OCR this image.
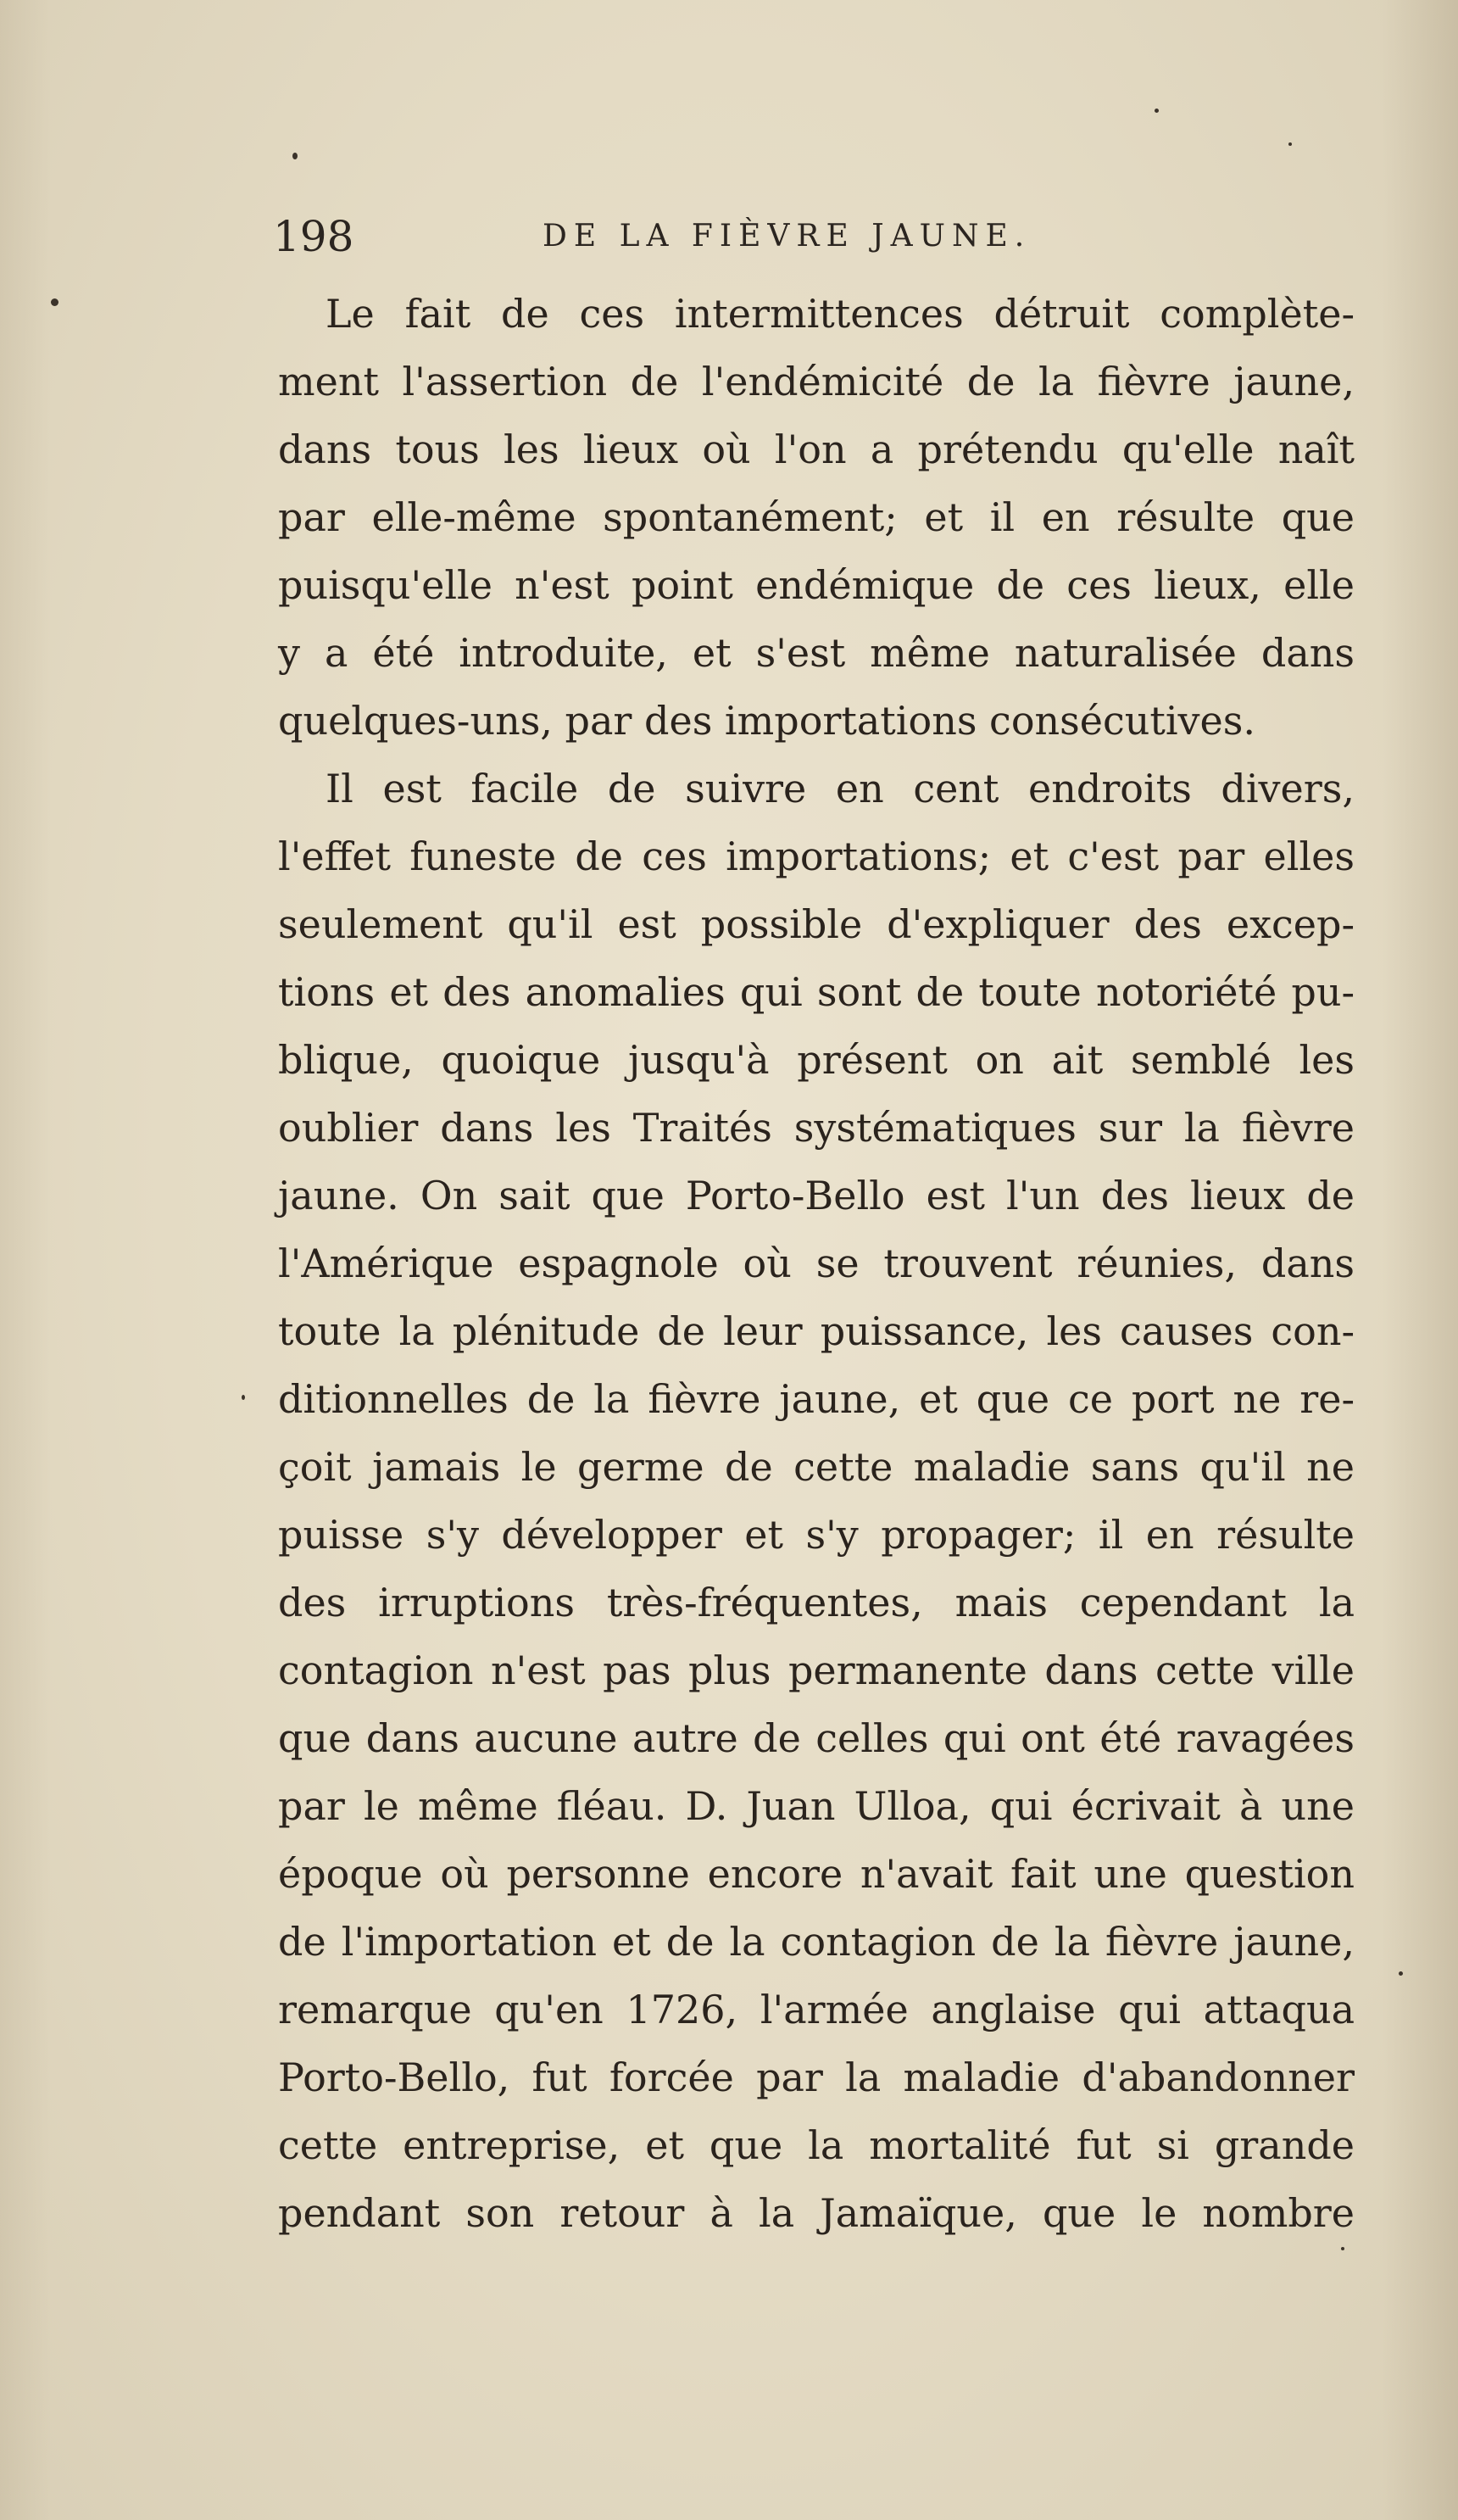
198	DE LA FIÈVRE JAUNE.
Le fait de ces intermittences détruit complète-
ment l'assertion de l'endémicité de la fièvre jaune,
dans tous les lieux où l'on a prétendu qu'elle naît
par elle-même spontanément; et il en résulte que
puisqu'elle n'est point endémique de ces lieux, elle
y a été introduite, et s'est même naturalisée dans
quelques-uns, par des importations consécutives.
Il est facile de suivre en cent endroits divers,
l'effet funeste de ces importations; et c'est par elles
seulement qu'il est possible d'expliquer des excep-
tions et des anomalies qui sont de toute notoriété pu-
blique, quoique jusqu'à présent on ait semblé les
oublier dans les Traités systématiques sur la fièvre
jaune. On sait que Porto-Bello est l'un des lieux de
l'Amérique espagnole où se trouvent réunies, dans
toute la plénitude de leur puissance, les causes con-
ditionnelles de la fièvre jaune, et que ce port ne re-
çoit jamais le germe de cette maladie sans qu'il ne
puisse s'y développer et s'y propager; il en résulte
des irruptions très-fréquentes, mais cependant la
contagion n'est pas plus permanente dans cette ville
que dans aucune autre de celles qui ont été ravagées
par le même fléau. D. Juan Ulloa, qui écrivait à une
époque où personne encore n'avait fait une question
de l'importation et de la contagion de la fièvre jaune,
remarque qu'en 1726, l'armée anglaise qui attaqua
Porto-Bello, fut forcée par la maladie d'abandonner
cette entreprise, et que la mortalité fut si grande
pendant son retour à la Jamaïque, que le nombre
